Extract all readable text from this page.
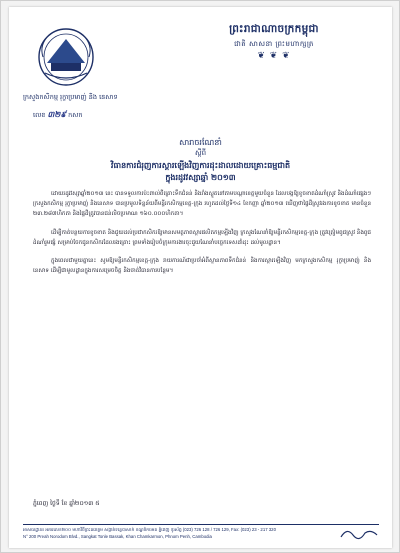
ព្រះរាជាណាចក្រកម្ពុជា
ជាតិ សាសនា ព្រះមហាក្សត្រ
❦ ❦ ❦
ក្រសួងកសិកម្ម រុក្ខាប្រមាញ់ និង នេសាទ
លេខ ៣២៩ កសក
សារាចរណែនាំ
ស្តីពី
វិធានការជំរុញការស្តារឡើងវិញការដុះដាលដោយគ្រោះធម្មជាតិ
ក្នុងរដូវវស្សាឆ្នាំ ២០១៣

ដោយរដូវវស្សាឆ្នាំ២០១៣ នេះ បានទទួលការប៉ះពាល់ពីគ្រោះទឹកជំនន់ និងរាំងស្ងួតនៅតាមបណ្តាខេត្តមួយចំនួន ដែលបង្កឱ្យខូចខាតដំណាំស្រូវ និងដំណាំផ្សេងៗ ក្រសួងកសិកម្ម រុក្ខាប្រមាញ់ និងនេសាទ បានប្រមូលទិន្នន័យពីមន្ទីរកសិកម្មខេត្ត-ក្រុង រហូតដល់ថ្ងៃទី១៤ ខែកញ្ញា ឆ្នាំ២០១៣ ឃើញថាផ្ទៃដីស្រូវរងការខូចខាត មានចំនួន ២៣.២៨៧ហិកតា និងផ្ទៃដីត្រូវបានជន់លិចប្រមាណ ១៦០.០០០ហិកតា។

ដើម្បីកាត់បន្ថយការខូចខាត និងជួយដល់ប្រជាកសិករឱ្យមានសមត្ថភាពស្តារផលិតកម្មឡើងវិញ ក្រសួងណែនាំឱ្យមន្ទីរកសិកម្មខេត្ត-ក្រុង ត្រូវត្រៀមពូជស្រូវ និងពូជដំណាំរួមផ្សំ សម្រាប់ចែកជូនកសិករដែលរងគ្រោះ ព្រមទាំងរៀបចំក្រុមការងារចុះជួយណែនាំបច្ចេកទេសដាំដុះ ដល់មូលដ្ឋាន។

ក្នុងពេលជាមួយគ្នានេះ សូមឱ្យមន្ទីរកសិកម្មខេត្ត-ក្រុង រាយការណ៍ជាប្រចាំអំពីស្ថានភាពទឹកជំនន់ និងការស្តារឡើងវិញ មកក្រសួងកសិកម្ម រុក្ខាប្រមាញ់ និងនេសាទ ដើម្បីជាមូលដ្ឋានក្នុងការសម្រេចចិត្ត និងចាត់វិធានការបន្ថែម។

ភ្នំពេញ ថ្ងៃទី ខែ ឆ្នាំ២០១៣ ៥
អាសយដ្ឋាន៖ អគារលេខ២០០ មហាវិថីព្រះនរោត្តម សង្កាត់ទន្លេបាសាក់ ខណ្ឌចំការមន ភ្នំពេញ ទូរស័ព្ទ (023) 726 128 / 726 129, Fax: (023) 23 - 217 320
N° 200 Preah Norodom Blvd., Sangkat Tonle Bassak, Khan Chamkarmon, Phnom Penh, Cambodia
